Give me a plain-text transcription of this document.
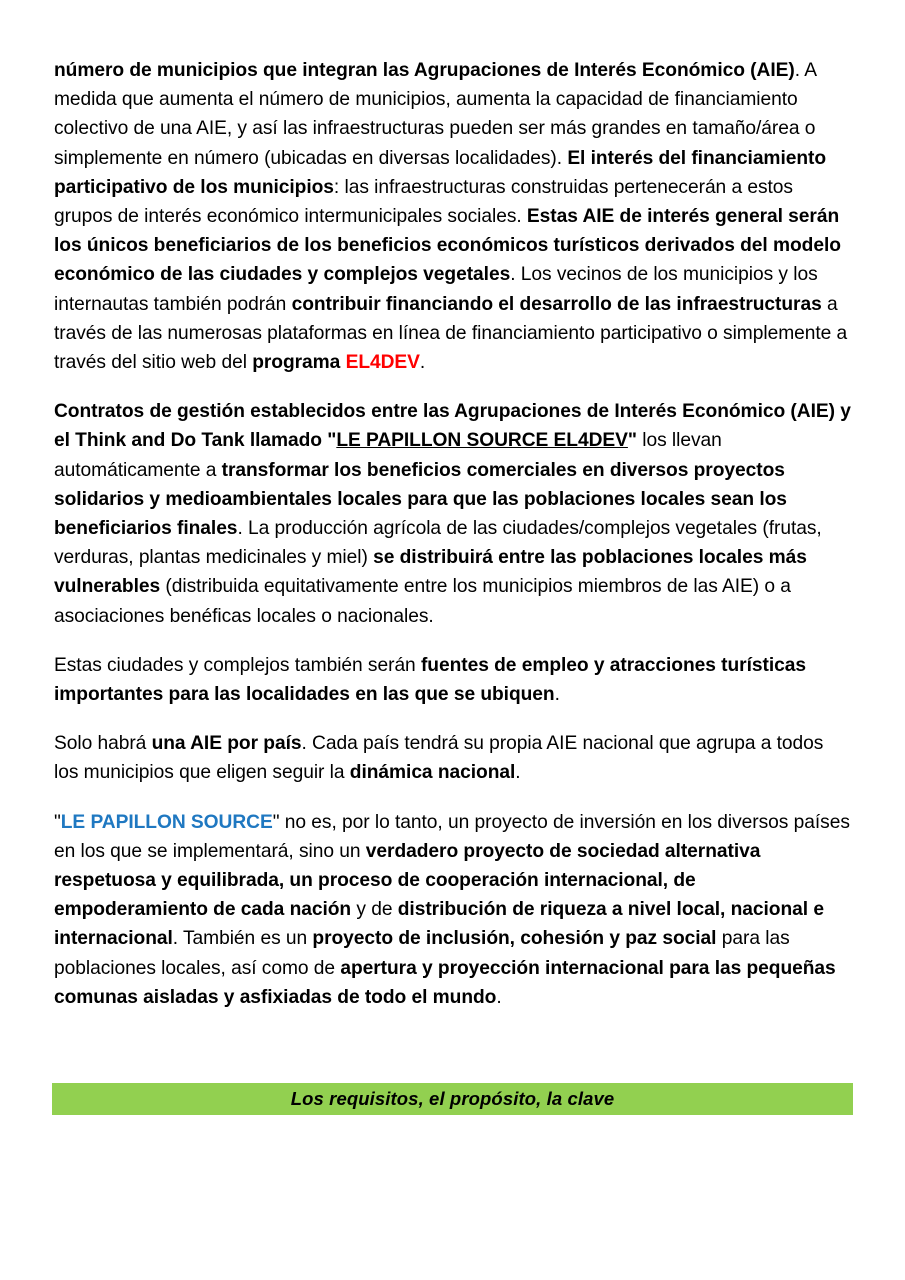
número de municipios que integran las Agrupaciones de Interés Económico (AIE). A medida que aumenta el número de municipios, aumenta la capacidad de financiamiento colectivo de una AIE, y así las infraestructuras pueden ser más grandes en tamaño/área o simplemente en número (ubicadas en diversas localidades). El interés del financiamiento participativo de los municipios: las infraestructuras construidas pertenecerán a estos grupos de interés económico intermunicipales sociales. Estas AIE de interés general serán los únicos beneficiarios de los beneficios económicos turísticos derivados del modelo económico de las ciudades y complejos vegetales. Los vecinos de los municipios y los internautas también podrán contribuir financiando el desarrollo de las infraestructuras a través de las numerosas plataformas en línea de financiamiento participativo o simplemente a través del sitio web del programa EL4DEV.

Contratos de gestión establecidos entre las Agrupaciones de Interés Económico (AIE) y el Think and Do Tank llamado "LE PAPILLON SOURCE EL4DEV" los llevan automáticamente a transformar los beneficios comerciales en diversos proyectos solidarios y medioambientales locales para que las poblaciones locales sean los beneficiarios finales. La producción agrícola de las ciudades/complejos vegetales (frutas, verduras, plantas medicinales y miel) se distribuirá entre las poblaciones locales más vulnerables (distribuida equitativamente entre los municipios miembros de las AIE) o a asociaciones benéficas locales o nacionales.

Estas ciudades y complejos también serán fuentes de empleo y atracciones turísticas importantes para las localidades en las que se ubiquen.

Solo habrá una AIE por país. Cada país tendrá su propia AIE nacional que agrupa a todos los municipios que eligen seguir la dinámica nacional.

"LE PAPILLON SOURCE" no es, por lo tanto, un proyecto de inversión en los diversos países en los que se implementará, sino un verdadero proyecto de sociedad alternativa respetuosa y equilibrada, un proceso de cooperación internacional, de empoderamiento de cada nación y de distribución de riqueza a nivel local, nacional e internacional. También es un proyecto de inclusión, cohesión y paz social para las poblaciones locales, así como de apertura y proyección internacional para las pequeñas comunas aisladas y asfixiadas de todo el mundo.

Los requisitos, el propósito, la clave
